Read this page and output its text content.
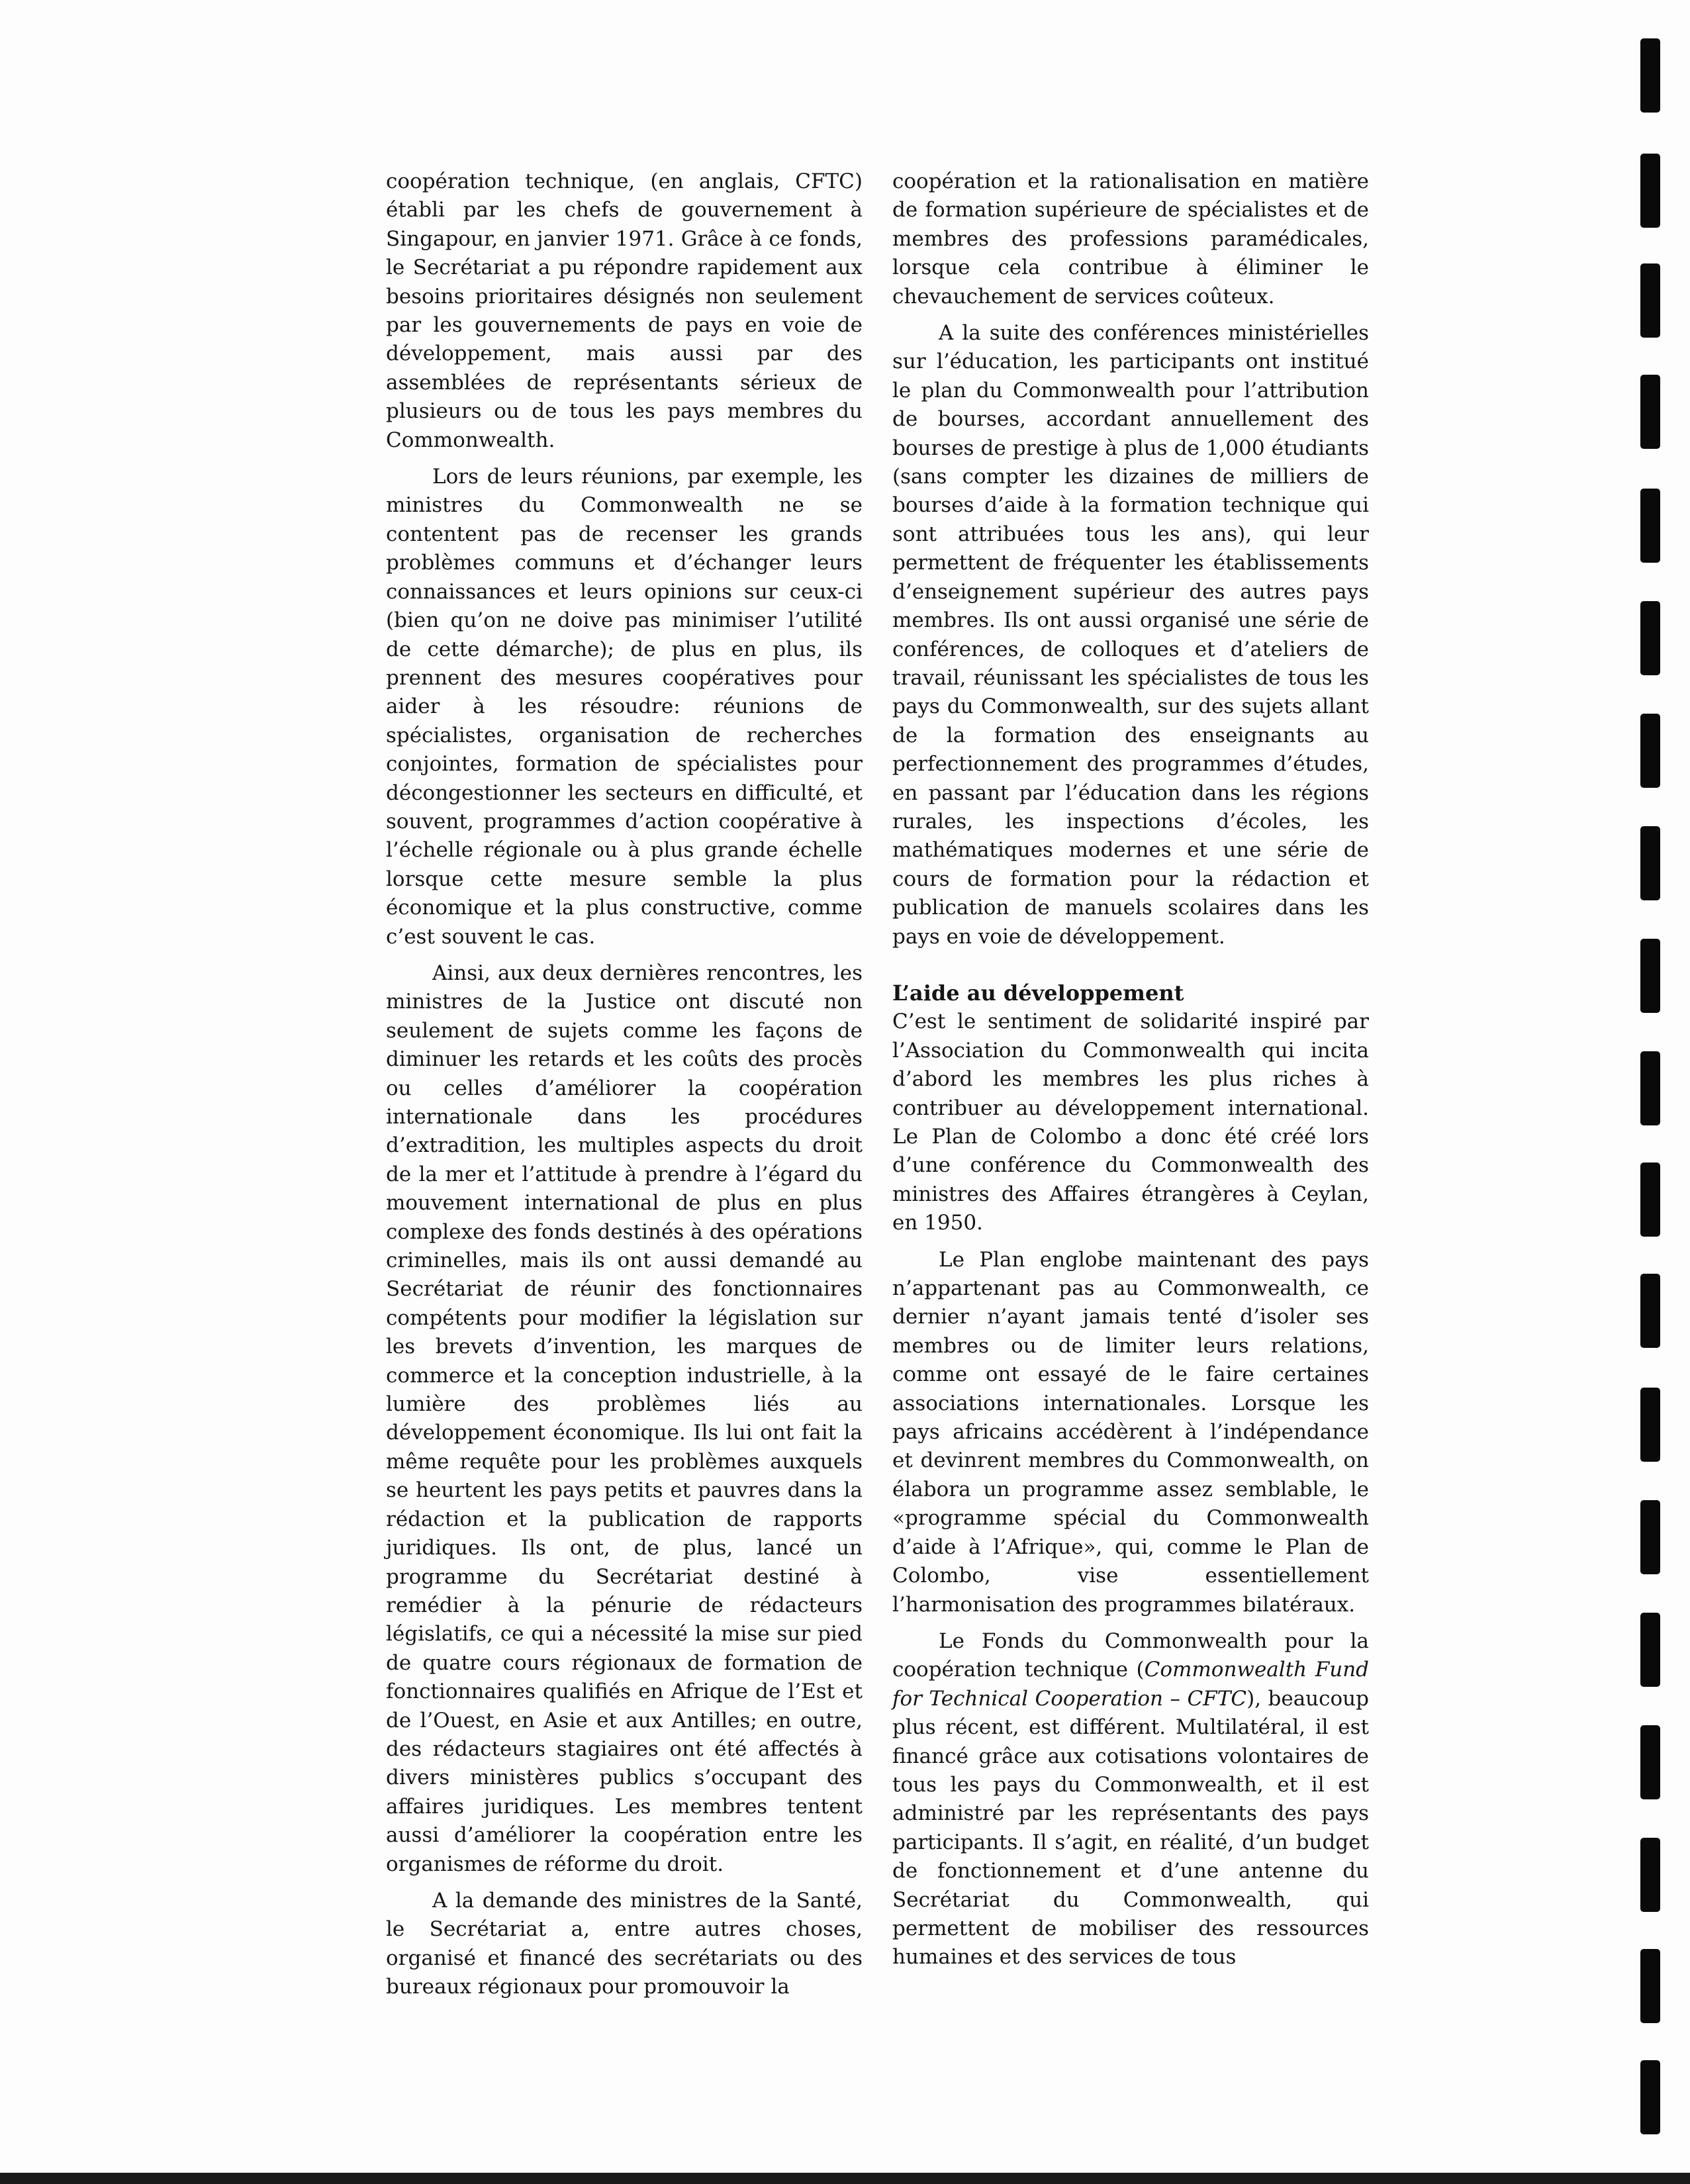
coopération technique, (en anglais, CFTC) établi par les chefs de gouvernement à Singapour, en janvier 1971. Grâce à ce fonds, le Secrétariat a pu répondre rapidement aux besoins prioritaires désignés non seulement par les gouvernements de pays en voie de développement, mais aussi par des assemblées de représentants sérieux de plusieurs ou de tous les pays membres du Commonwealth.

Lors de leurs réunions, par exemple, les ministres du Commonwealth ne se contentent pas de recenser les grands problèmes communs et d’échanger leurs connaissances et leurs opinions sur ceux-ci (bien qu’on ne doive pas minimiser l’utilité de cette démarche); de plus en plus, ils prennent des mesures coopératives pour aider à les résoudre: réunions de spécialistes, organisation de recherches conjointes, formation de spécialistes pour décongestionner les secteurs en difficulté, et souvent, programmes d’action coopérative à l’échelle régionale ou à plus grande échelle lorsque cette mesure semble la plus économique et la plus constructive, comme c’est souvent le cas.

Ainsi, aux deux dernières rencontres, les ministres de la Justice ont discuté non seulement de sujets comme les façons de diminuer les retards et les coûts des procès ou celles d’améliorer la coopération internationale dans les procédures d’extradition, les multiples aspects du droit de la mer et l’attitude à prendre à l’égard du mouvement international de plus en plus complexe des fonds destinés à des opérations criminelles, mais ils ont aussi demandé au Secrétariat de réunir des fonctionnaires compétents pour modifier la législation sur les brevets d’invention, les marques de commerce et la conception industrielle, à la lumière des problèmes liés au développement économique. Ils lui ont fait la même requête pour les problèmes auxquels se heurtent les pays petits et pauvres dans la rédaction et la publication de rapports juridiques. Ils ont, de plus, lancé un programme du Secrétariat destiné à remédier à la pénurie de rédacteurs législatifs, ce qui a nécessité la mise sur pied de quatre cours régionaux de formation de fonctionnaires qualifiés en Afrique de l’Est et de l’Ouest, en Asie et aux Antilles; en outre, des rédacteurs stagiaires ont été affectés à divers ministères publics s’occupant des affaires juridiques. Les membres tentent aussi d’améliorer la coopération entre les organismes de réforme du droit.

A la demande des ministres de la Santé, le Secrétariat a, entre autres choses, organisé et financé des secrétariats ou des bureaux régionaux pour promouvoir la

coopération et la rationalisation en matière de formation supérieure de spécialistes et de membres des professions paramédicales, lorsque cela contribue à éliminer le chevauchement de services coûteux.

A la suite des conférences ministérielles sur l’éducation, les participants ont institué le plan du Commonwealth pour l’attribution de bourses, accordant annuellement des bourses de prestige à plus de 1,000 étudiants (sans compter les dizaines de milliers de bourses d’aide à la formation technique qui sont attribuées tous les ans), qui leur permettent de fréquenter les établissements d’enseignement supérieur des autres pays membres. Ils ont aussi organisé une série de conférences, de colloques et d’ateliers de travail, réunissant les spécialistes de tous les pays du Commonwealth, sur des sujets allant de la formation des enseignants au perfectionnement des programmes d’études, en passant par l’éducation dans les régions rurales, les inspections d’écoles, les mathématiques modernes et une série de cours de formation pour la rédaction et publication de manuels scolaires dans les pays en voie de développement.

L’aide au développement

C’est le sentiment de solidarité inspiré par l’Association du Commonwealth qui incita d’abord les membres les plus riches à contribuer au développement international. Le Plan de Colombo a donc été créé lors d’une conférence du Commonwealth des ministres des Affaires étrangères à Ceylan, en 1950.

Le Plan englobe maintenant des pays n’appartenant pas au Commonwealth, ce dernier n’ayant jamais tenté d’isoler ses membres ou de limiter leurs relations, comme ont essayé de le faire certaines associations internationales. Lorsque les pays africains accédèrent à l’indépendance et devinrent membres du Commonwealth, on élabora un programme assez semblable, le «programme spécial du Commonwealth d’aide à l’Afrique», qui, comme le Plan de Colombo, vise essentiellement l’harmonisation des programmes bilatéraux.

Le Fonds du Commonwealth pour la coopération technique (Commonwealth Fund for Technical Cooperation – CFTC), beaucoup plus récent, est différent. Multilatéral, il est financé grâce aux cotisations volontaires de tous les pays du Commonwealth, et il est administré par les représentants des pays participants. Il s’agit, en réalité, d’un budget de fonctionnement et d’une antenne du Secrétariat du Commonwealth, qui permettent de mobiliser des ressources humaines et des services de tous
